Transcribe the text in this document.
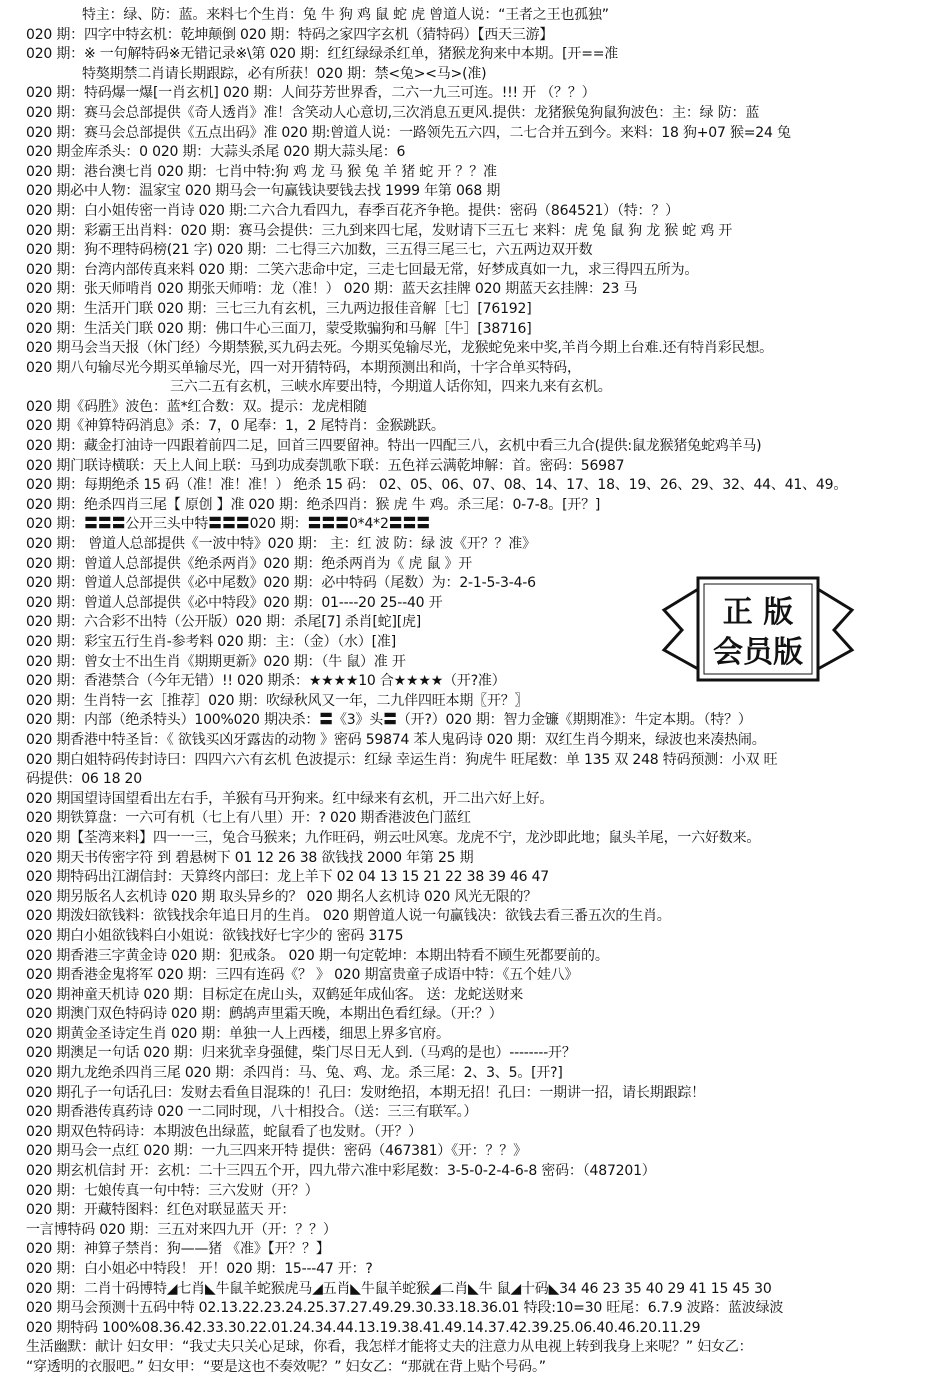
特主：绿、防：蓝。来料七个生肖：兔 牛 狗 鸡 鼠 蛇 虎 曾道人说：“王者之王也孤独”
020 期：四字中特玄机：乾坤颠倒 020 期：特码之家四字玄机（猜特码）【西天三游】
020 期：※ 一句解特码※无错记录※\第 020 期：红红绿绿杀红单，猪猴龙狗来中本期。[开==准
特獒期禁二肖请长期跟踪，必有所获！020 期：禁<兔><马>(准)
020 期：特码爆一爆[一肖玄机] 020 期：人间芬芳世界香，二六一九三可连。!!! 开 （？？）
020 期：赛马会总部提供《奇人透肖》准！含笑动人心意切,三次消息五更风.提供：龙猪猴兔狗鼠狗波色：主：绿 防：蓝
020 期：赛马会总部提供《五点出码》准 020 期:曾道人说：一路领先五六四，二七合并五到今。来料：18 狗+07 猴=24 兔
020 期金库杀头：0 020 期：大蒜头杀尾 020 期大蒜头尾：6
020 期：港台澳七肖 020 期：七肖中特:狗 鸡 龙 马 猴 兔 羊 猪 蛇 开 ？？准
020 期必中人物：温家宝 020 期马会一句赢钱诀要钱去找 1999 年第 068 期
020 期：白小姐传密一肖诗 020 期:二六合九看四九，春季百花齐争艳。提供：密码（864521）（特：？）
020 期：彩霸王出肖料：020 期：赛马会提供：三九到来四七尾，发财请下三五七 来料：虎 兔 鼠 狗 龙 猴 蛇 鸡 开
020 期：狗不理特码榜(21 字) 020 期：二七得三六加数，三五得三尾三七，六五两边双开数
020 期：台湾内部传真来料 020 期：二笑六悲命中定，三走七回最无常，好梦成真如一九，求三得四五所为。
020 期：张天师啃肖 020 期张天师啃：龙（准！） 020 期：蓝天玄挂牌 020 期蓝天玄挂牌：23 马
020 期：生活开门联 020 期：三七三九有玄机，三九两边报佳音解［七］[76192]
020 期：生活关门联 020 期：佛口牛心三面刀，蒙受欺骗狗和马解［牛］[38716]
020 期马会当天报（休门经）今期禁猴,买九码去死。今期买兔输尽光，龙猴蛇免来中奖,羊肖今期上台难.还有特肖彩民想。
020 期八句输尽光今期买单输尽光，四一对开猜特码，本期预测出和尚，十字合单买特码，
三六二五有玄机，三峡水库要出特，今期道人话你知，四来九来有玄机。
020 期《码胜》波色：蓝*红合数：双。提示：龙虎相随
020 期《神算特码消息》杀：7，0 尾奉：1，2 尾特肖：金猴跳跃。
020 期：藏金打油诗一四跟着前四二足，回首三四要留神。特出一四配三八，玄机中看三九合(提供:鼠龙猴猪兔蛇鸡羊马)
020 期门联诗横联：天上人间上联：马到功成奏凯歌下联：五色祥云满乾坤解：首。密码：56987
020 期：每期绝杀 15 码（准！准！准！） 绝杀 15 码： 02、05、06、07、08、14、17、18、19、26、29、32、44、41、49。
020 期：绝杀四肖三尾【 原创 】准 020 期：绝杀四肖：猴 虎 牛 鸡。杀三尾：0-7-8。[开？]
020 期：〓〓〓公开三头中特〓〓〓020 期：〓〓〓0*4*2〓〓〓
020 期： 曾道人总部提供《一波中特》020 期： 主：红 波 防：绿 波《开？？准》
020 期：曾道人总部提供《绝杀两肖》020 期：绝杀两肖为《 虎 鼠 》开
020 期：曾道人总部提供《必中尾数》020 期：必中特码（尾数）为：2-1-5-3-4-6
020 期：曾道人总部提供《必中特段》020 期：01----20 25--40 开
020 期：六合彩不出特（公开版）020 期：杀尾[7] 杀肖[蛇][虎]
020 期：彩宝五行生肖-参考料 020 期：主：（金）（水）[准]
020 期：曾女士不出生肖《期期更新》020 期：（牛 鼠）准 开
020 期：香港禁合（今年无错）!! 020 期杀：★★★★10 合★★★★（开?准）
020 期：生肖特一玄［推荐］020 期：吹绿秋风又一年，二九伴四旺本期〖开？〗
020 期：内部（绝杀特头）100%020 期决杀：〓《3》头〓（开?）020 期：智力金镰《期期准》：牛定本期。（特？）
020 期香港中特圣旨：《 欲钱买凶牙露齿的动物 》密码 59874 苯人鬼码诗 020 期：双红生肖今期来，绿波也来凑热闹。
020 期白姐特码传封诗曰：四四六六有玄机 色波提示：红绿 幸运生肖：狗虎牛 旺尾数：单 135 双 248 特码预测：小双 旺
码提供：06 18 20
020 期国望诗国望看出左右手，羊猴有马开狗来。红中绿来有玄机，开二出六好上好。
020 期铁算盘：一六可有机（七上有八里）开：? 020 期香港波色门蓝红
020 期【荃湾来料】四一一三，兔合马猴来；九作旺码，朔云吐风寒。龙虎不宁，龙沙即此地；鼠头羊尾，一六好数来。
020 期天书传密字符 到 碧悬树下 01 12 26 38 欲钱找 2000 年第 25 期
020 期特码出江湖信封：天算终内部曰：龙上羊下 02 04 13 15 21 22 38 39 46 47
020 期另版名人玄机诗 020 期 取头异乡的？ 020 期名人玄机诗 020 风光无限的？
020 期泼妇欲钱料：欲钱找余年追日月的生肖。 020 期曾道人说一句赢钱决：欲钱去看三番五次的生肖。
020 期白小姐欲钱料白小姐说：欲钱找好七字少的 密码 3175
020 期香港三字黄金诗 020 期：犯戒条。 020 期一句定乾坤：本期出特看不顾生死都要前的。
020 期香港金鬼将军 020 期：三四有连码《？ 》 020 期富贵童子成语中特：《五个娃八》
020 期神童天机诗 020 期：目标定在虎山头，双鹤延年成仙客。 送：龙蛇送财来
020 期澳门双色特码诗 020 期：鹧鸪声里霜天晚，本期出色看红绿。（开:？）
020 期黄金圣诗定生肖 020 期：单独一人上西楼，细思上界多官府。
020 期澳足一句话 020 期：归来犹幸身强健，柴门尽日无人到.（马鸡的是也）--------开？
020 期九龙绝杀四肖三尾 020 期：杀四肖：马、兔、鸡、龙。杀三尾：2、3、5。[开?]
020 期孔子一句话孔曰：发财去看鱼目混珠的！孔曰：发财绝招，本期无招！孔曰：一期讲一招，请长期跟踪！
020 期香港传真药诗 020 一二同时现，八十相投合。（送：三三有联军。）
020 期双色特码诗：本期波色出绿蓝，蛇鼠看了也发财。（开？）
020 期马会一点红 020 期：一九三四来开特 提供：密码（467381）《开：？？》
020 期玄机信封 开：玄机：二十三四五个开，四九带六准中彩尾数：3-5-0-2-4-6-8 密码：（487201）
020 期：七娘传真一句中特：三六发财（开？）
020 期：开藏特图料：红色对联显蓝天 开：
一言博特码 020 期：三五对来四九开（开：？？）
020 期：神算子禁肖：狗——猪 《准》【开？？】
020 期：白小姐必中特段！ 开！020 期：15---47 开：?
020 期：二肖十码博特◢七肖◣牛鼠羊蛇猴虎马◢五肖◣牛鼠羊蛇猴◢二肖◣牛 鼠◢十码◣34 46 23 35 40 29 41 15 45 30
020 期马会预测十五码中特 02.13.22.23.24.25.37.27.49.29.30.33.18.36.01 特段:10=30 旺尾：6.7.9 波路：蓝波绿波
020 期特码 100%08.36.42.33.30.22.01.24.34.44.13.19.38.41.49.14.37.42.39.25.06.40.46.20.11.29
生活幽默：献计 妇女甲：“我丈夫只关心足球，你看，我怎样才能将丈夫的注意力从电视上转到我身上来呢？” 妇女乙：
“穿透明的衣服吧。” 妇女甲：“要是这也不奏效呢？” 妇女乙：“那就在背上贴个号码。”
正 版
会员版
